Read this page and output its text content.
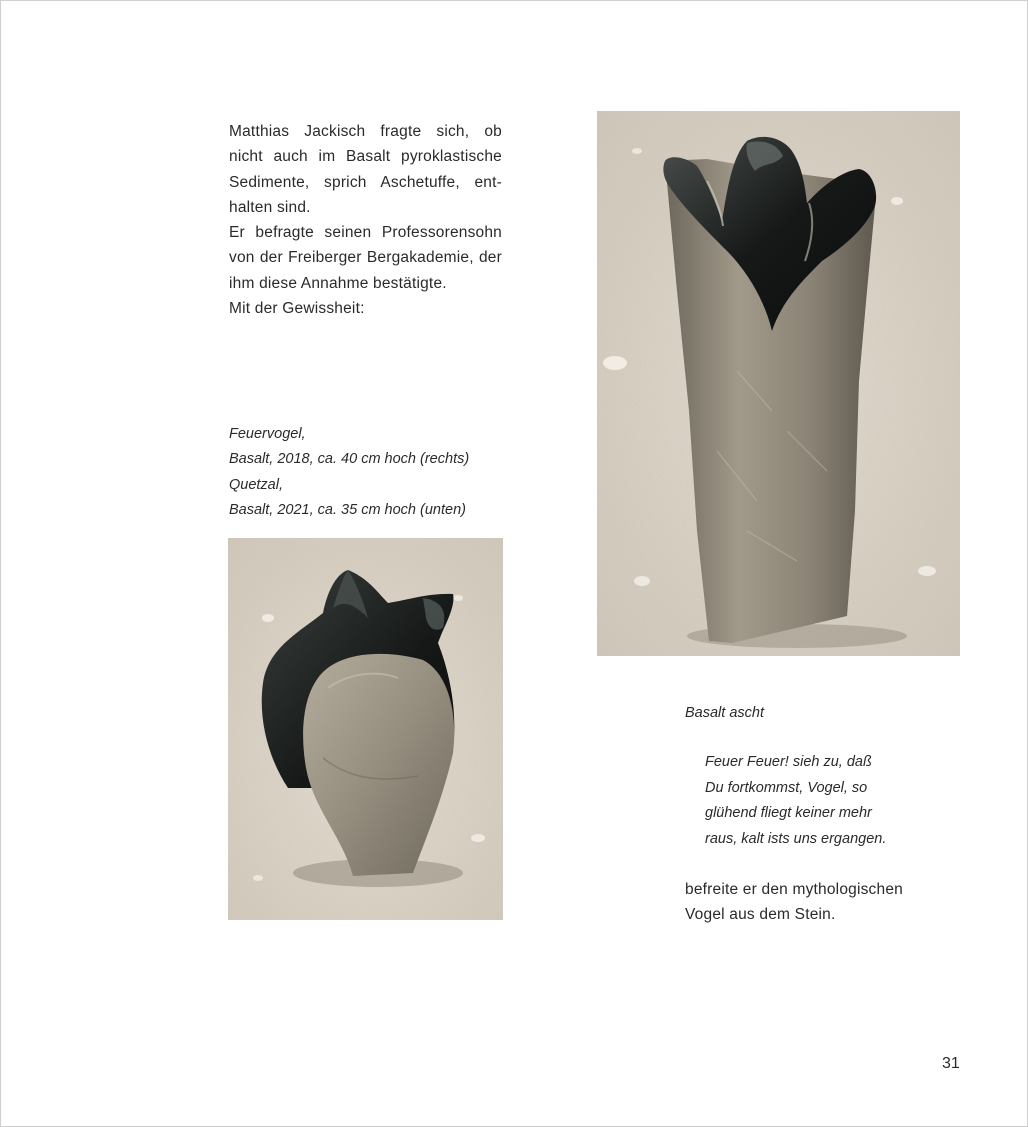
Matthias Jackisch fragte sich, ob
nicht auch im Basalt pyroklastische
Sedimente, sprich Aschetuffe, ent-
halten sind.
Er befragte seinen Professorensohn
von der Freiberger Bergakademie, der
ihm diese Annahme bestätigte.
Mit der Gewissheit:
Feuervogel,
Basalt, 2018, ca. 40 cm hoch (rechts)
Quetzal,
Basalt, 2021, ca. 35 cm hoch (unten)
Basalt ascht
Feuer Feuer! sieh zu, daß
Du fortkommst, Vogel, so
glühend fliegt keiner mehr
raus, kalt ists uns ergangen.
befreite er den mythologischen
Vogel aus dem Stein.
31
